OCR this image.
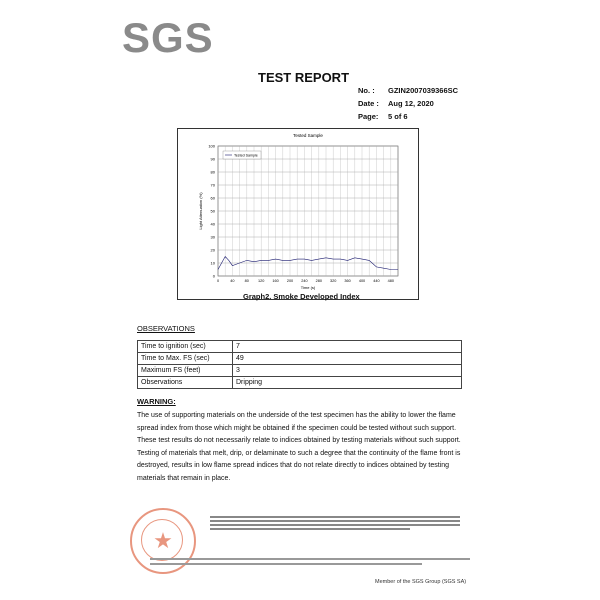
SGS
TEST REPORT
No. :	GZIN2007039366SC
Date :	Aug 12, 2020
Page:	5 of 6
Tested Sample
0
10
20
30
40
50
60
70
80
90
100
0	40	80 120 160 200 240 280 320 360 400 440 480
Time (s)
Light Attenuation (%)
Tested Sample
Graph2. Smoke Developed Index
OBSERVATIONS
Time to ignition (sec)	7
Time to Max. FS (sec)	49
Maximum FS (feet)	3
Observations	Dripping
WARNING:

The use of supporting materials on the underside of the test specimen has the ability to lower the flame spread index from those which might be obtained if the specimen could be tested without such support. These test results do not necessarily relate to indices obtained by testing materials without such support.

Testing of materials that melt, drip, or delaminate to such a degree that the continuity of the flame front is destroyed, results in low flame spread indices that do not relate directly to indices obtained by testing materials that remain in place.

★
Member of the SGS Group (SGS SA)
